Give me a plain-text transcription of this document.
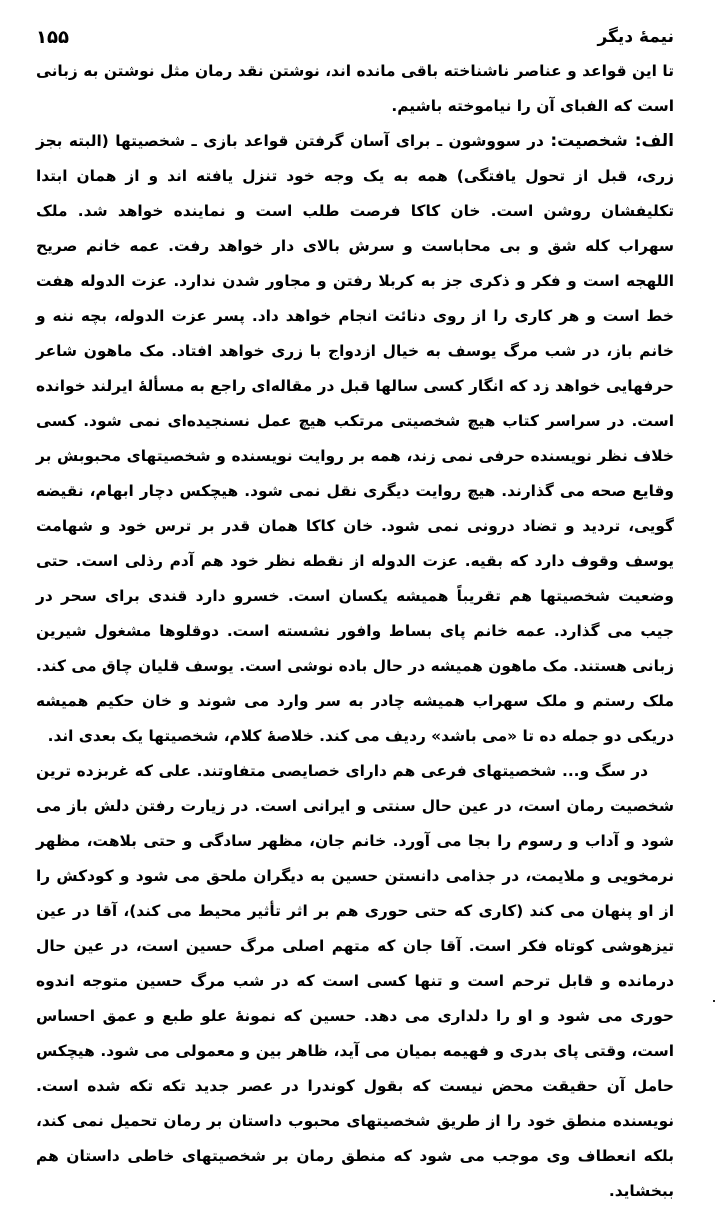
نیمهٔ دیگر
۱۵۵

تا این قواعد و عناصر ناشناخته باقی مانده اند، نوشتن نقد رمان مثل نوشتن به زبانی است که الفبای آن را نیاموخته باشیم.

الف: شخصیت: در سووشون ـ برای آسان گرفتن قواعد بازی ـ شخصیتها (البته بجز زری، قبل از تحول یافتگی) همه به یک وجه خود تنزل یافته اند و از همان ابتدا تکلیفشان روشن است. خان کاکا فرصت طلب است و نماینده خواهد شد. ملک سهراب کله شق و بی محاباست و سرش بالای دار خواهد رفت. عمه خانم صریح اللهجه است و فکر و ذکری جز به کربلا رفتن و مجاور شدن ندارد. عزت الدوله هفت خط است و هر کاری را از روی دنائت انجام خواهد داد. پسر عزت الدوله، بچه ننه و خانم باز، در شب مرگ یوسف به خیال ازدواج با زری خواهد افتاد. مک ماهون شاعر حرفهایی خواهد زد که انگار کسی سالها قبل در مقاله‌ای راجع به مسألهٔ ایرلند خوانده است. در سراسر کتاب هیچ شخصیتی مرتکب هیچ عمل نسنجیده‌ای نمی شود. کسی خلاف نظر نویسنده حرفی نمی زند، همه بر روایت نویسنده و شخصیتهای محبوبش بر وقایع صحه می گذارند. هیچ روایت دیگری نقل نمی شود. هیچکس دچار ابهام، نقیضه گویی، تردید و تضاد درونی نمی شود. خان کاکا همان قدر بر ترس خود و شهامت یوسف وقوف دارد که بقیه. عزت الدوله از نقطه نظر خود هم آدم رذلی است. حتی وضعیت شخصیتها هم تقریباً همیشه یکسان است. خسرو دارد قندی برای سحر در جیب می گذارد. عمه خانم پای بساط وافور نشسته است. دوقلوها مشغول شیرین زبانی هستند. مک ماهون همیشه در حال باده نوشی است. یوسف قلیان چاق می کند. ملک رستم و ملک سهراب همیشه چادر به سر وارد می شوند و خان حکیم همیشه دریکی دو جمله ده تا «می باشد» ردیف می کند. خلاصهٔ کلام، شخصیتها یک بعدی اند.

در سگ و... شخصیتهای فرعی هم دارای خصایصی متفاوتند. علی که غربزده ترین شخصیت رمان است، در عین حال سنتی و ایرانی است. در زیارت رفتن دلش باز می شود و آداب و رسوم را بجا می آورد. خانم جان، مظهر سادگی و حتی بلاهت، مظهر نرمخویی و ملایمت، در جذامی دانستن حسین به دیگران ملحق می شود و کودکش را از او پنهان می کند (کاری که حتی حوری هم بر اثر تأثیر محیط می کند)، آقا در عین تیزهوشی کوتاه فکر است. آقا جان که متهم اصلی مرگ حسین است، در عین حال درمانده و قابل ترحم است و تنها کسی است که در شب مرگ حسین متوجه اندوه حوری می شود و او را دلداری می دهد. حسین که نمونهٔ علو طبع و عمق احساس است، وقتی پای بدری و فهیمه بمیان می آید، ظاهر بین و معمولی می شود. هیچکس حامل آن حقیقت محض نیست که بقول کوندرا در عصر جدید تکه تکه شده است. نویسنده منطق خود را از طریق شخصیتهای محبوب داستان بر رمان تحمیل نمی کند، بلکه انعطاف وی موجب می شود که منطق رمان بر شخصیتهای خاطی داستان هم ببخشاید.
